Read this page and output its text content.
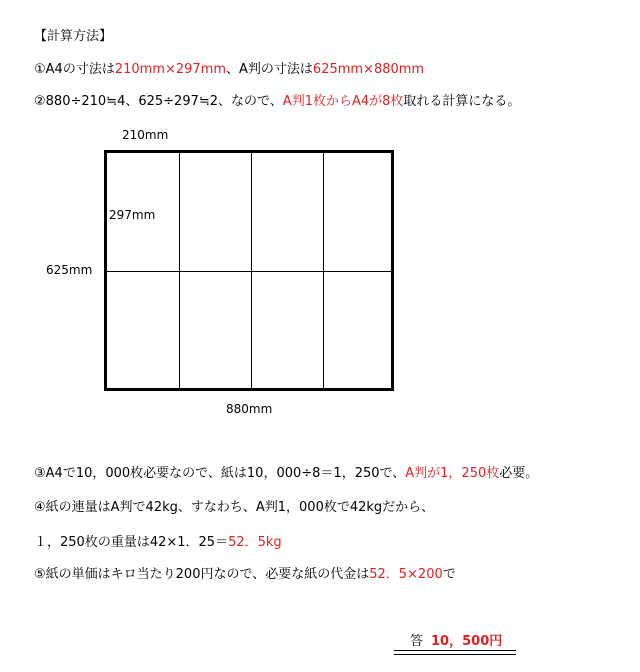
【計算方法】
①A4の寸法は210mm×297mm、A判の寸法は625mm×880mm
②880÷210≒4、625÷297≒2、なので、A判1枚からA4が8枚取れる計算になる。
210mm
625mm
880mm
297mm
③A4で10，000枚必要なので、紙は10，000÷8＝1，250で、A判が1，250枚必要。
④紙の連量はA判で42kg、すなわち、A判1，000枚で42kgだから、
１，250枚の重量は42×1．25＝52．5kg
⑤紙の単価はキロ当たり200円なので、必要な紙の代金は52．5×200で
答 10，500円
